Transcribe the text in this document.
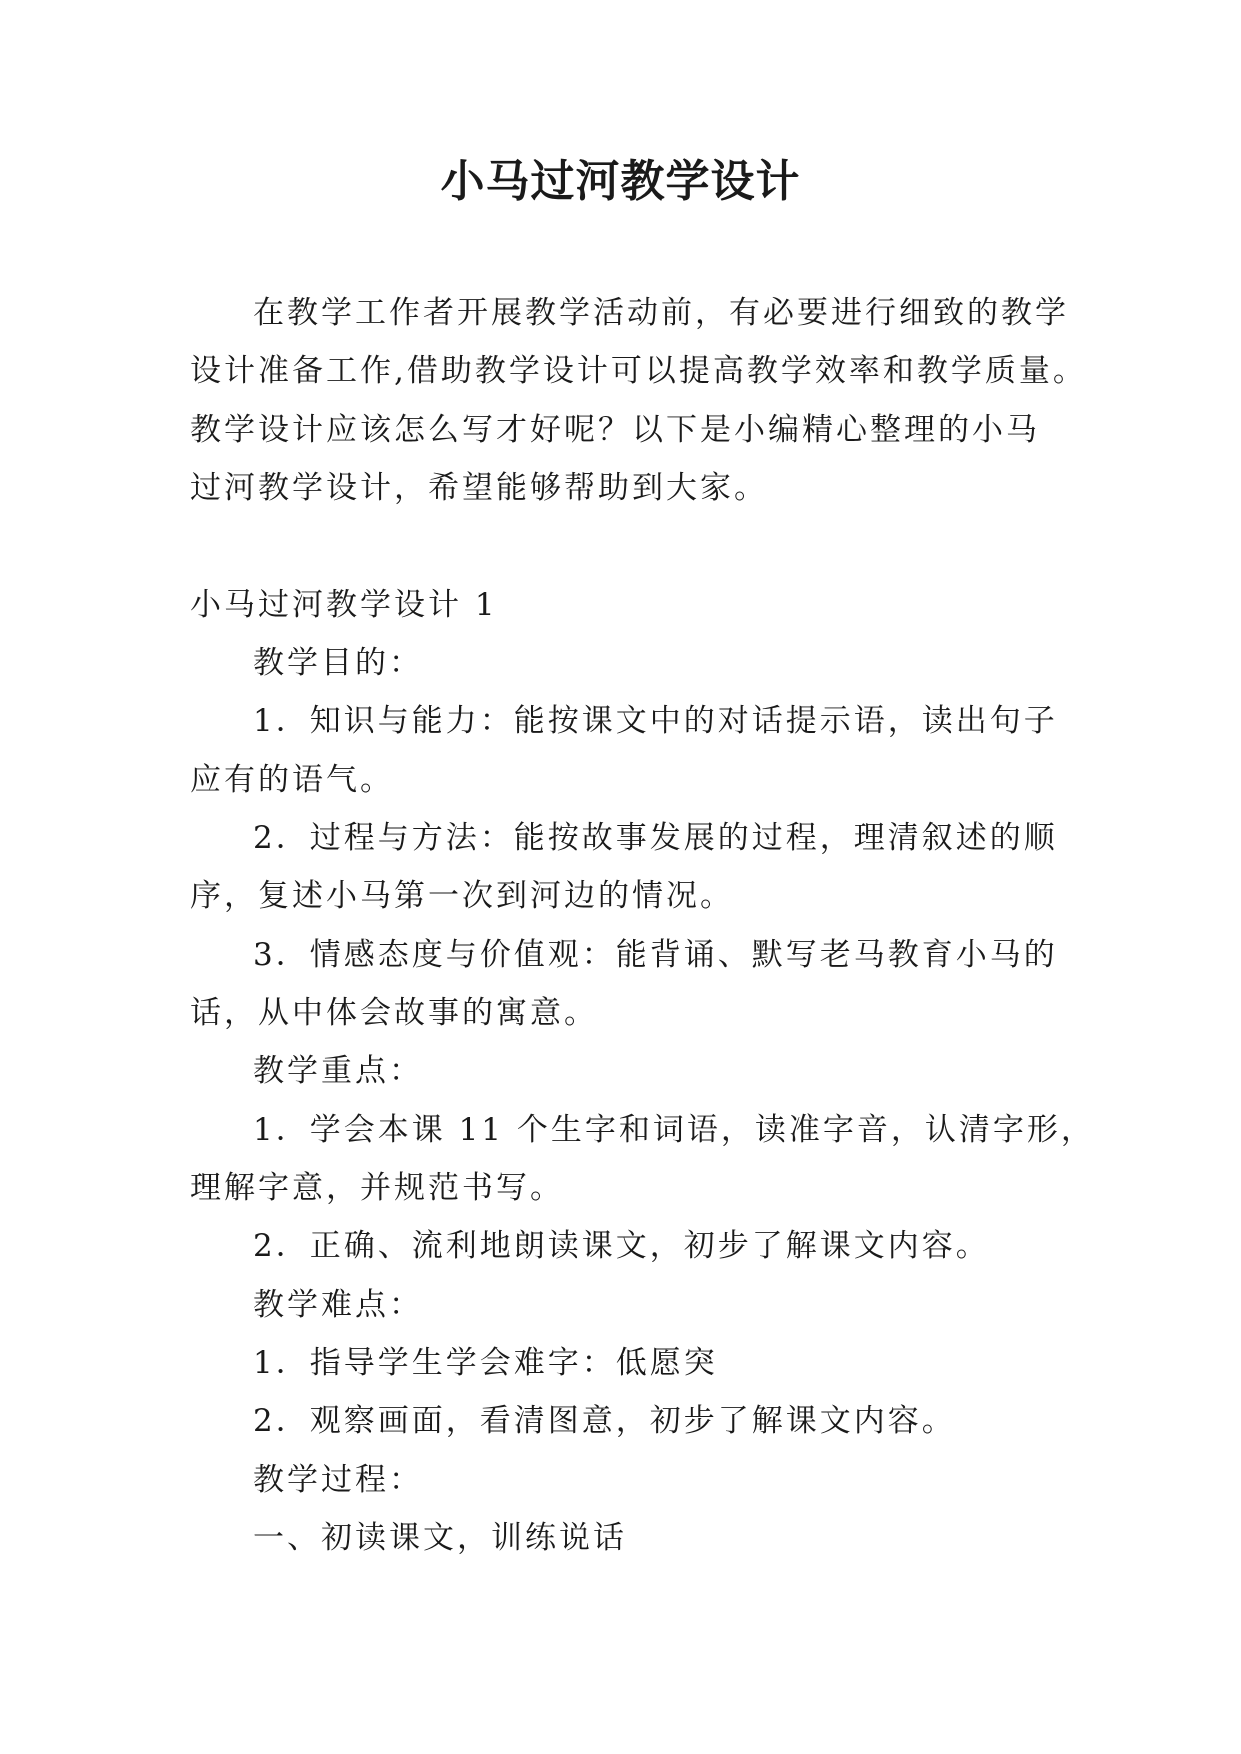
小马过河教学设计
在教学工作者开展教学活动前，有必要进行细致的教学
设计准备工作,借助教学设计可以提高教学效率和教学质量。
教学设计应该怎么写才好呢？以下是小编精心整理的小马
过河教学设计，希望能够帮助到大家。
小马过河教学设计 1
教学目的：
1．知识与能力：能按课文中的对话提示语，读出句子
应有的语气。
2．过程与方法：能按故事发展的过程，理清叙述的顺
序，复述小马第一次到河边的情况。
3．情感态度与价值观：能背诵、默写老马教育小马的
话，从中体会故事的寓意。
教学重点：
1．学会本课 11 个生字和词语，读准字音，认清字形，
理解字意，并规范书写。
2．正确、流利地朗读课文，初步了解课文内容。
教学难点：
1．指导学生学会难字：低愿突
2．观察画面，看清图意，初步了解课文内容。
教学过程：
一、初读课文，训练说话
